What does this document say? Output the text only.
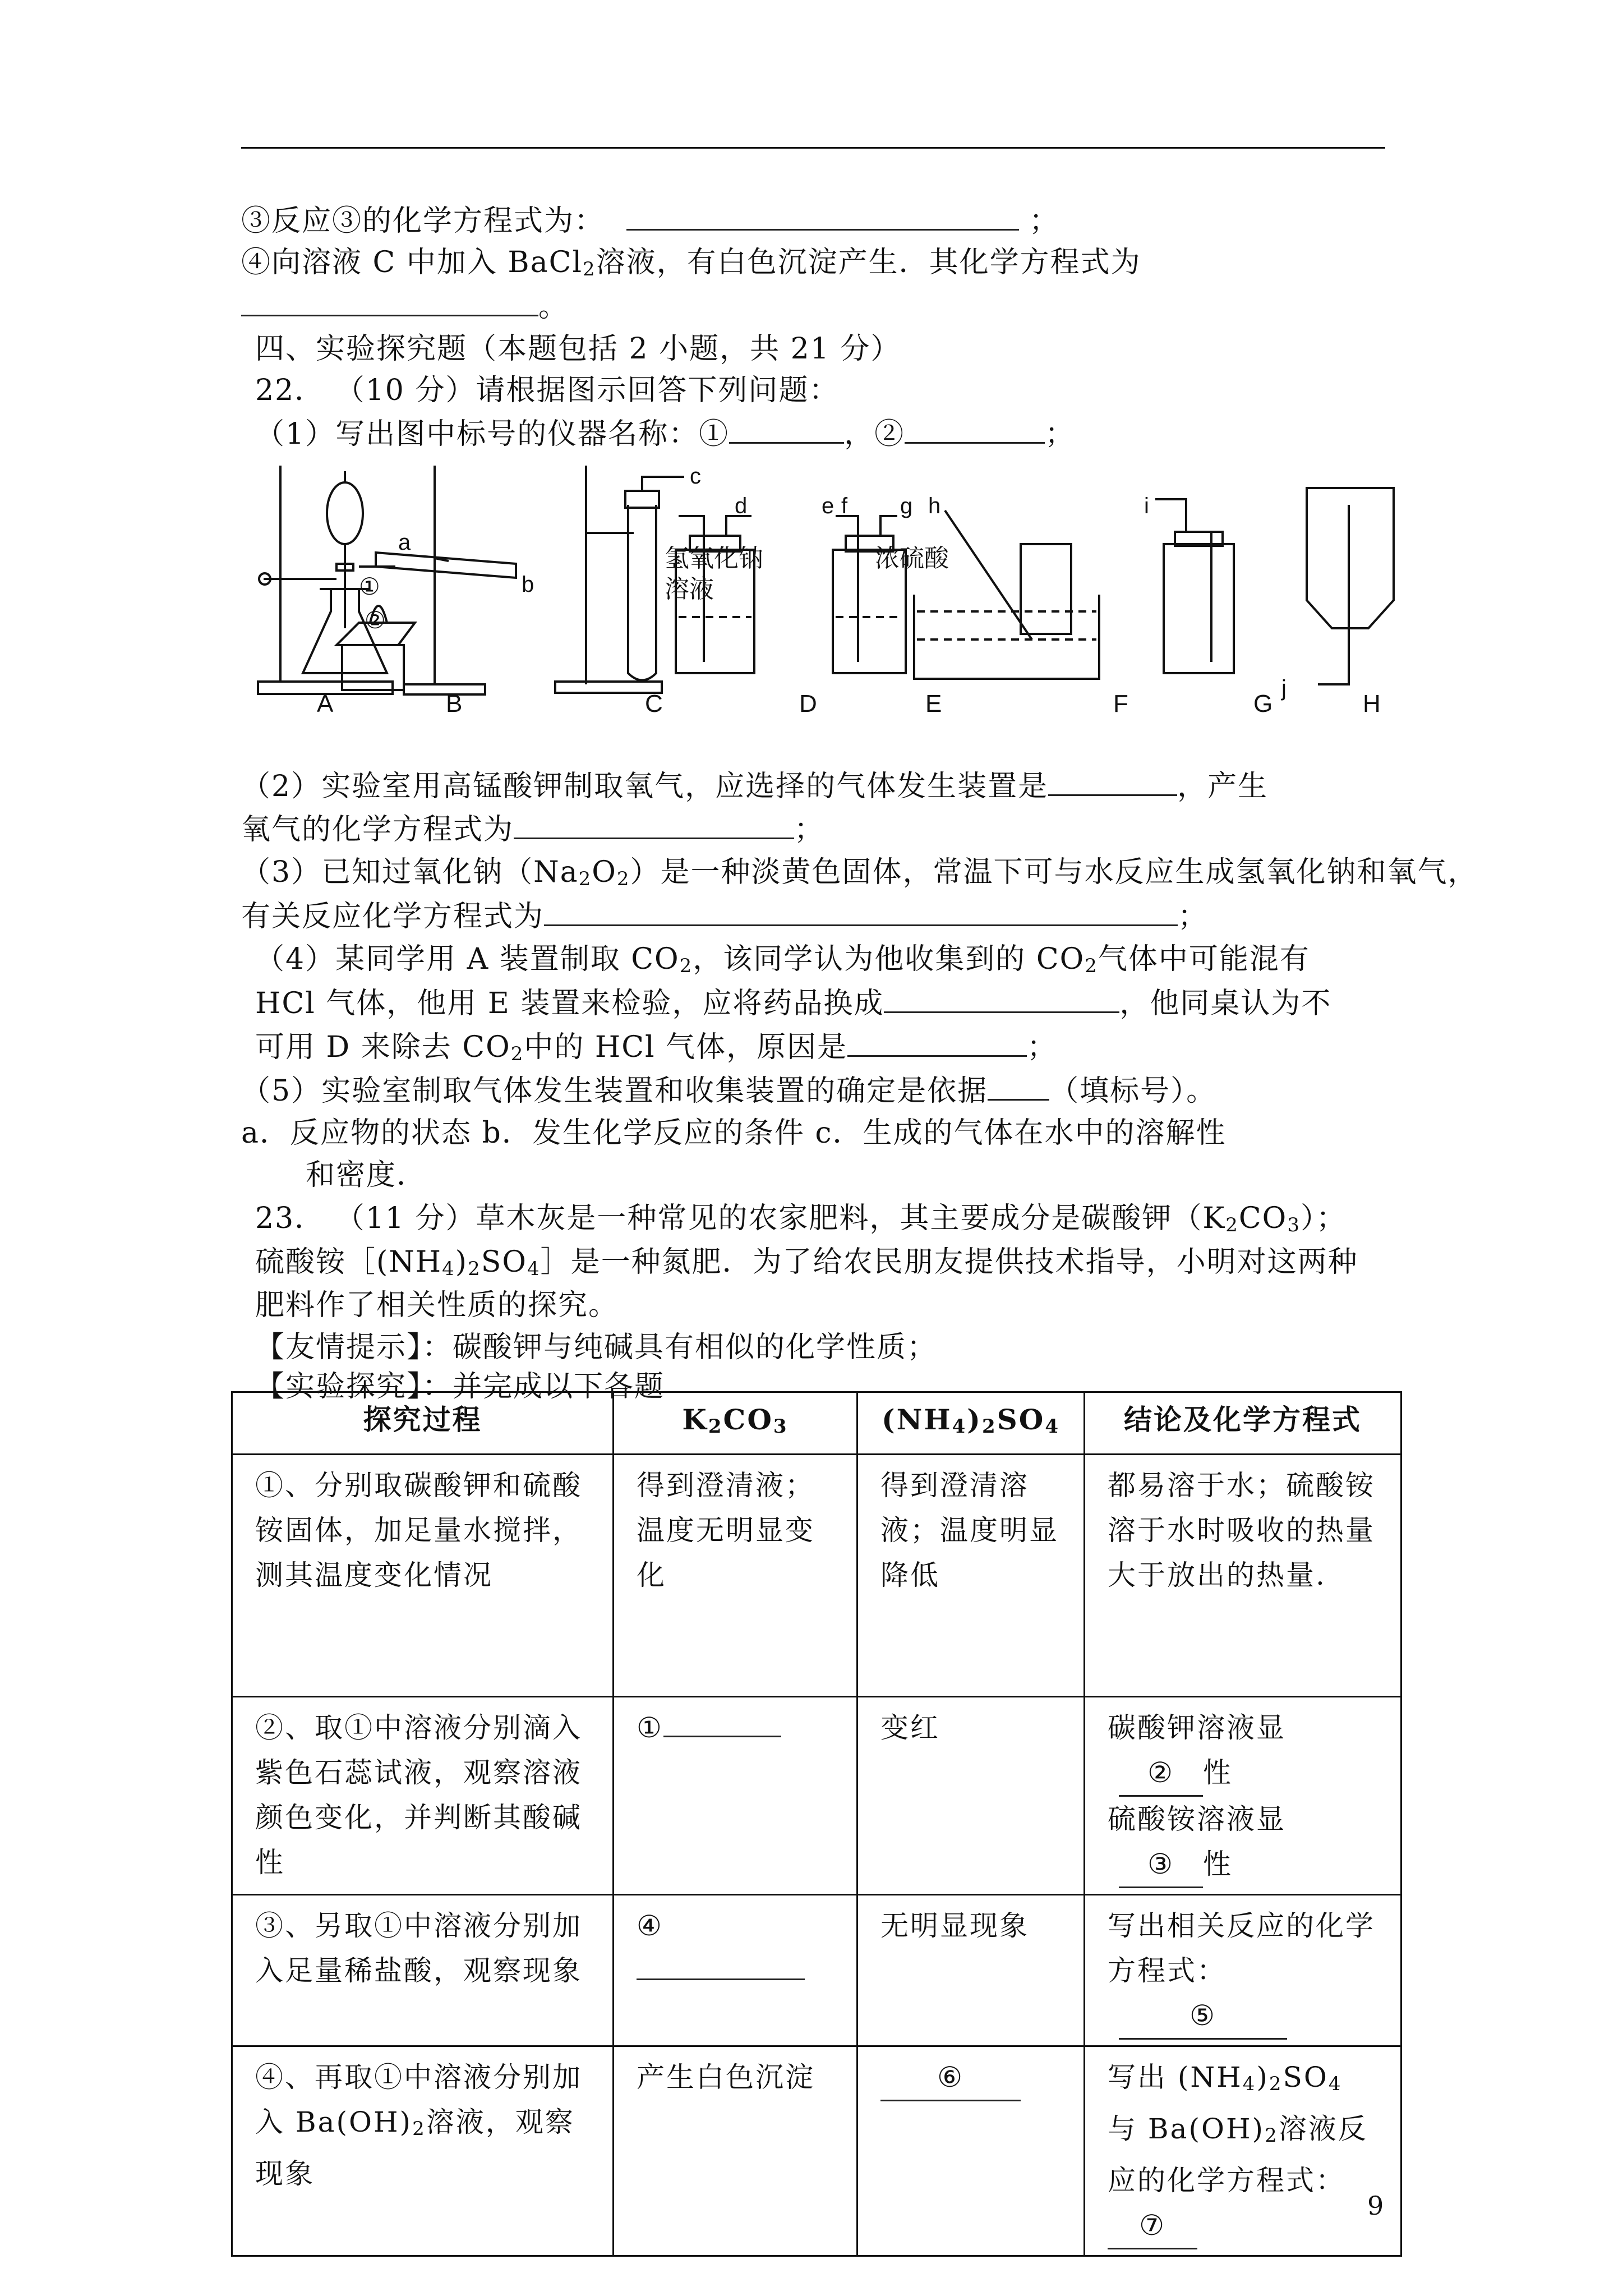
③反应③的化学方程式为：	；
④向溶液 C 中加入 BaCl2溶液，有白色沉淀产生．其化学方程式为
。
四、实验探究题（本题包括 2 小题，共 21 分）
22． （10 分）请根据图示回答下列问题：
（1）写出图中标号的仪器名称：①	，②	；
a
b
c
d	e f g h	i
j
①
②
氢氧化钠
溶液
浓硫酸
A	B	C	D	E	F	G	H
（2）实验室用高锰酸钾制取氧气，应选择的气体发生装置是	，产生
氧气的化学方程式为	；
（3）已知过氧化钠（Na2O2）是一种淡黄色固体，常温下可与水反应生成氢氧化钠和氧气，
有关反应化学方程式为	；
（4）某同学用 A 装置制取 CO2，该同学认为他收集到的 CO2气体中可能混有
HCl 气体，他用 E 装置来检验，应将药品换成	，他同桌认为不
可用 D 来除去 CO2中的 HCl 气体，原因是	；
（5）实验室制取气体发生装置和收集装置的确定是依据 （填标号）。
a．反应物的状态 b．发生化学反应的条件 c．生成的气体在水中的溶解性
和密度．
23． （11 分）草木灰是一种常见的农家肥料，其主要成分是碳酸钾（K2CO3）；
硫酸铵［(NH4)2SO4］是一种氮肥．为了给农民朋友提供技术指导，小明对这两种
肥料作了相关性质的探究。
【友情提示】：碳酸钾与纯碱具有相似的化学性质；
【实验探究】：并完成以下各题
探究过程	K2CO3	(NH4)2SO4	结论及化学方程式
①、分别取碳酸钾和硫酸铵固体，加足量水搅拌，测其温度变化情况	得到澄清液；温度无明显变化	得到澄清溶液；温度明显降低	都易溶于水；硫酸铵溶于水时吸收的热量大于放出的热量.
②、取①中溶液分别滴入紫色石蕊试液，观察溶液颜色变化，并判断其酸碱性	①	变红	碳酸钾溶液显
② 性
硫酸铵溶液显
③ 性

③、另取①中溶液分别加入足量稀盐酸，观察现象	④	无明显现象	写出相关反应的化学方程式：
⑤
④、再取①中溶液分别加入 Ba(OH)2溶液，观察现象	产生白色沉淀	⑥	写出 (NH4)2SO4 与 Ba(OH)2溶液反应的化学方程式：⑦
9
